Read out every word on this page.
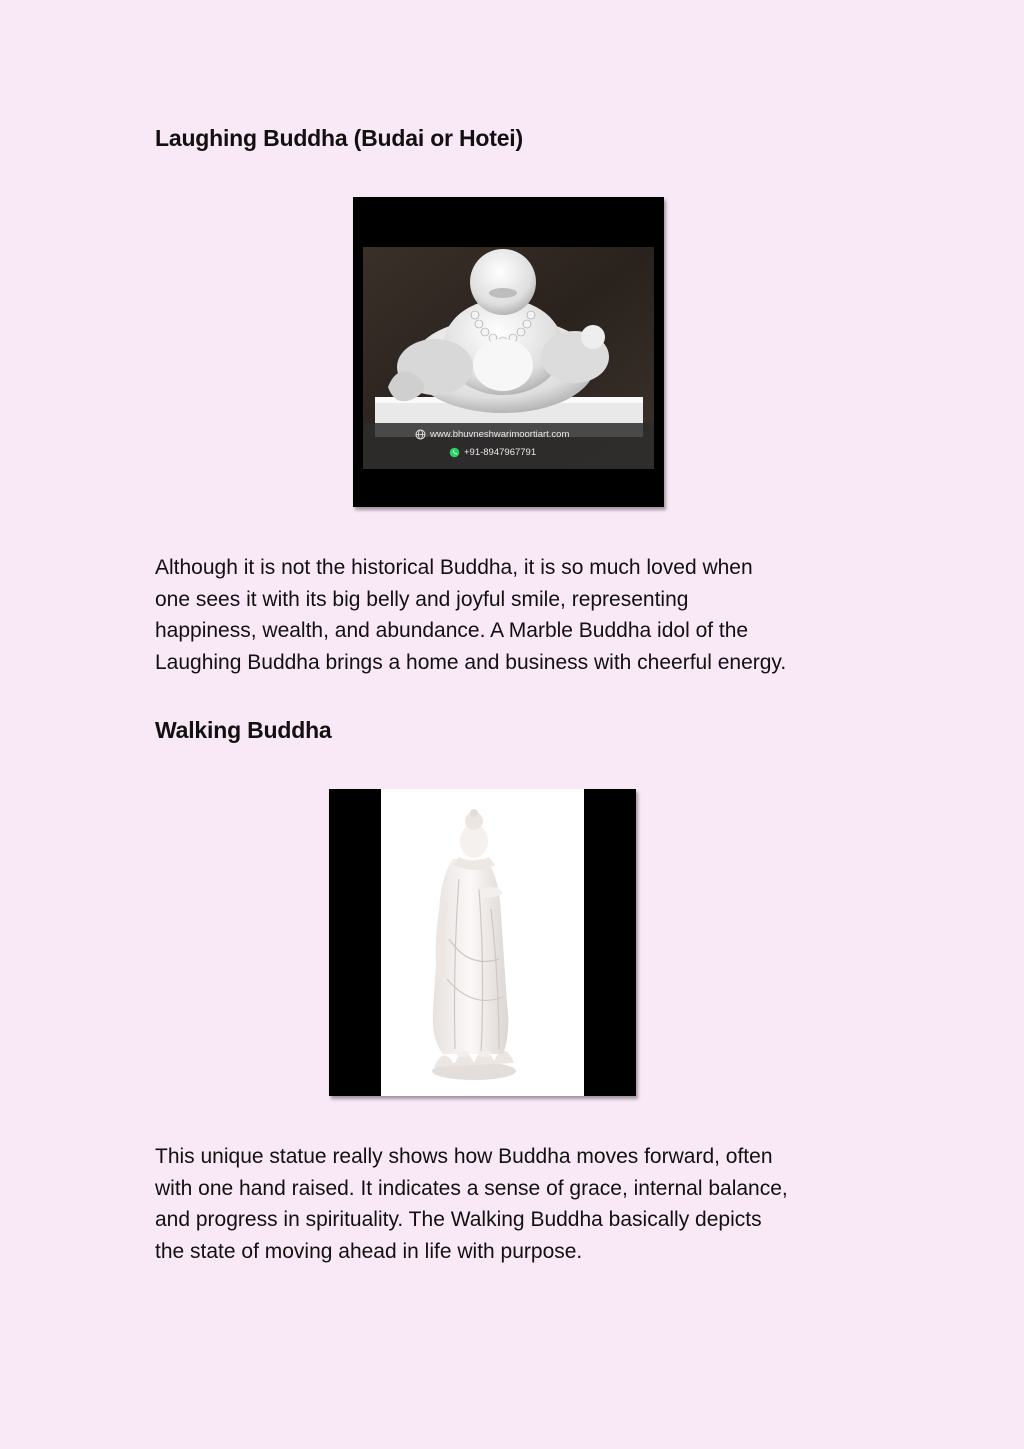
Laughing Buddha (Budai or Hotei)
www.bhuvneshwarimoortiart.com
+91-8947967791
Although it is not the historical Buddha, it is so much loved when
one sees it with its big belly and joyful smile, representing
happiness, wealth, and abundance. A Marble Buddha idol of the
Laughing Buddha brings a home and business with cheerful energy.
Walking Buddha
This unique statue really shows how Buddha moves forward, often
with one hand raised. It indicates a sense of grace, internal balance,
and progress in spirituality. The Walking Buddha basically depicts
the state of moving ahead in life with purpose.
